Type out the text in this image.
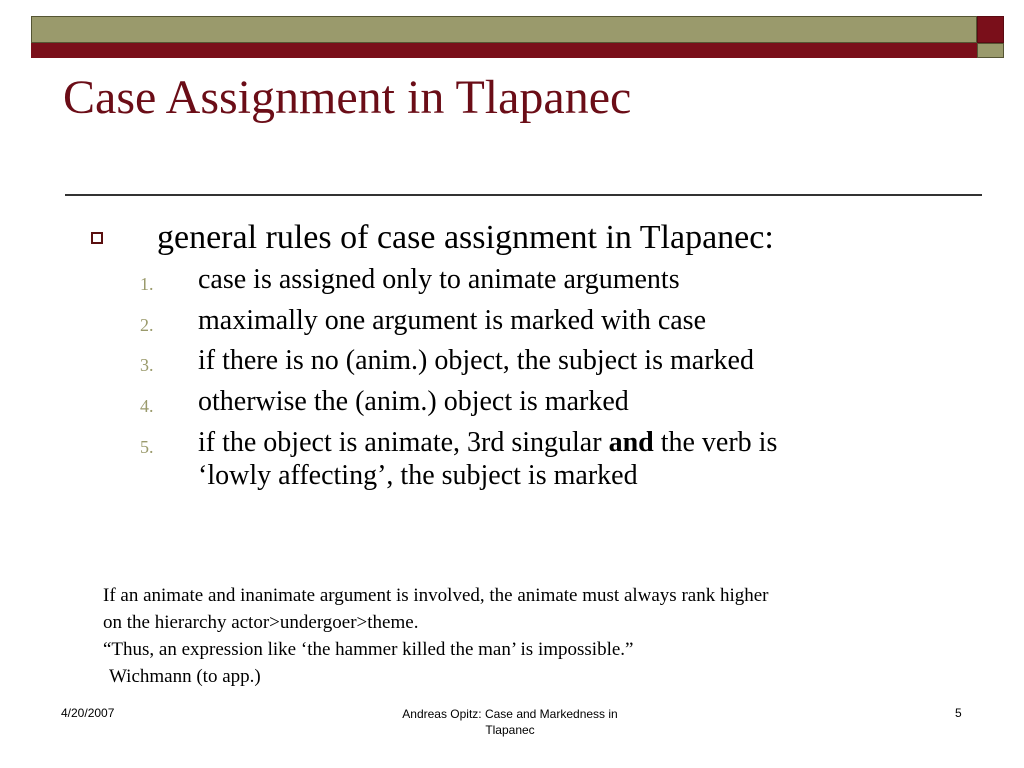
Case Assignment in Tlapanec
general rules of case assignment in Tlapanec:
1. case is assigned only to animate arguments
2. maximally one argument is marked with case
3. if there is no (anim.) object, the subject is marked
4. otherwise the (anim.) object is marked
5. if the object is animate, 3rd singular and the verb is
‘lowly affecting’, the subject is marked
If an animate and inanimate argument is involved, the animate must always rank higher
on the hierarchy actor>undergoer>theme.
“Thus, an expression like ‘the hammer killed the man’ is impossible.”
Wichmann (to app.)
4/20/2007	Andreas Opitz: Case and Markedness in
Tlapanec
5
